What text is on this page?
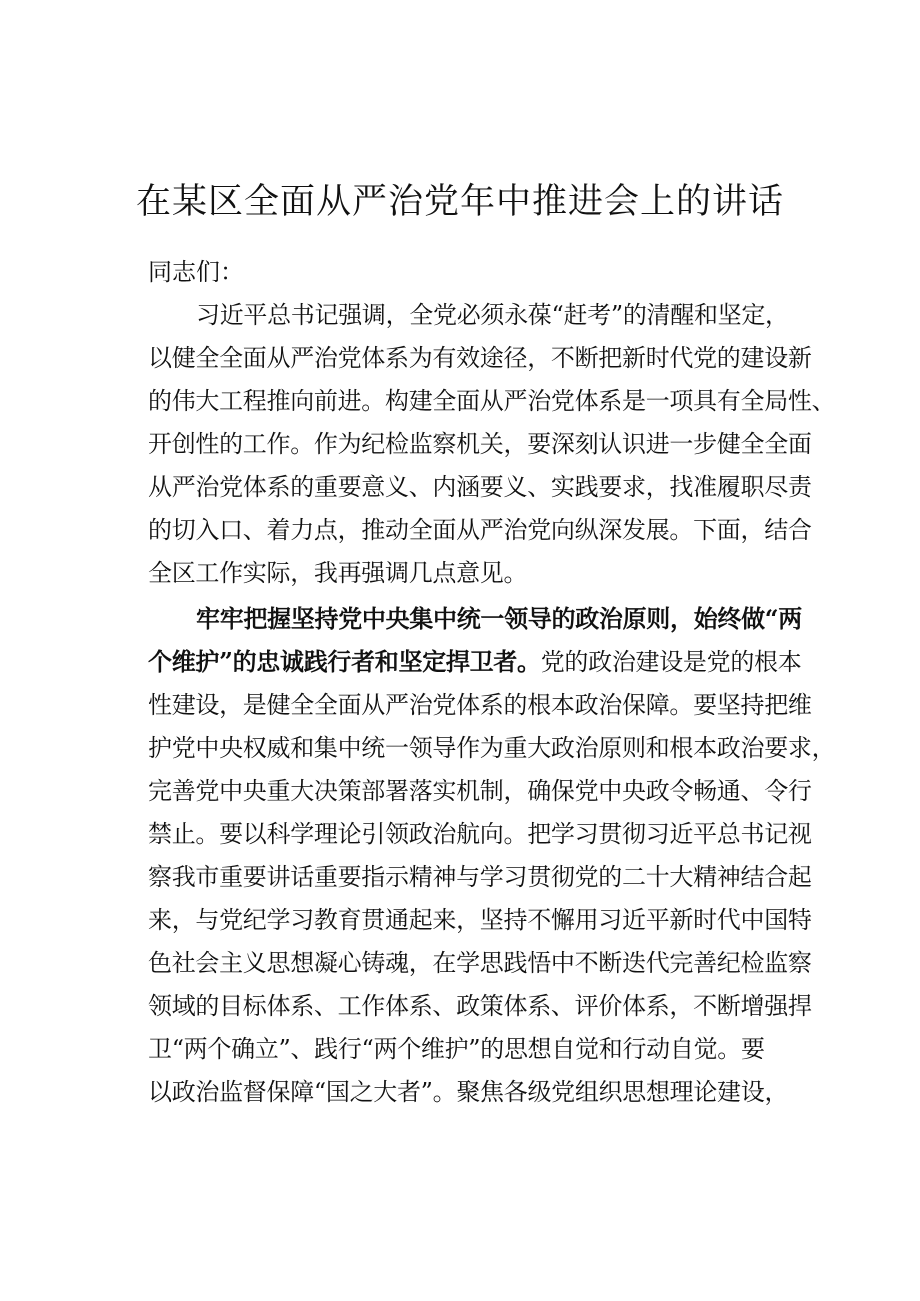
在某区全面从严治党年中推进会上的讲话
同志们：
习近平总书记强调，全党必须永葆“赶考”的清醒和坚定，
以健全全面从严治党体系为有效途径，不断把新时代党的建设新
的伟大工程推向前进。构建全面从严治党体系是一项具有全局性、
开创性的工作。作为纪检监察机关，要深刻认识进一步健全全面
从严治党体系的重要意义、内涵要义、实践要求，找准履职尽责
的切入口、着力点，推动全面从严治党向纵深发展。下面，结合
全区工作实际，我再强调几点意见。
牢牢把握坚持党中央集中统一领导的政治原则，始终做“两
个维护”的忠诚践行者和坚定捍卫者。党的政治建设是党的根本
性建设，是健全全面从严治党体系的根本政治保障。要坚持把维
护党中央权威和集中统一领导作为重大政治原则和根本政治要求，
完善党中央重大决策部署落实机制，确保党中央政令畅通、令行
禁止。要以科学理论引领政治航向。把学习贯彻习近平总书记视
察我市重要讲话重要指示精神与学习贯彻党的二十大精神结合起
来，与党纪学习教育贯通起来，坚持不懈用习近平新时代中国特
色社会主义思想凝心铸魂，在学思践悟中不断迭代完善纪检监察
领域的目标体系、工作体系、政策体系、评价体系，不断增强捍
卫“两个确立”、践行“两个维护”的思想自觉和行动自觉。要
以政治监督保障“国之大者”。聚焦各级党组织思想理论建设，
